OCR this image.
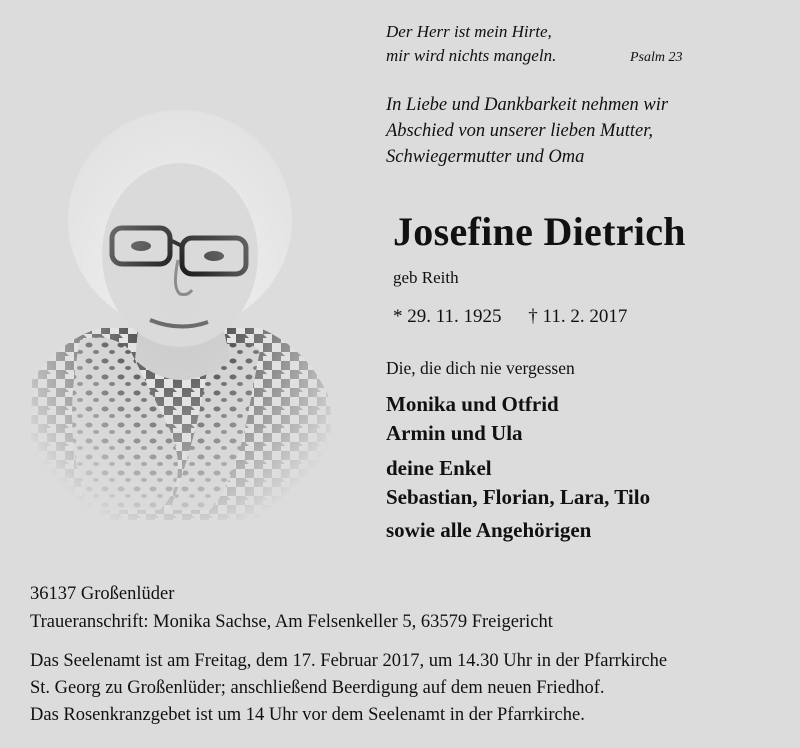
Der Herr ist mein Hirte,
mir wird nichts mangeln.	Psalm 23
In Liebe und Dankbarkeit nehmen wir
Abschied von unserer lieben Mutter,
Schwiegermutter und Oma
Josefine Dietrich
geb Reith
* 29. 11. 1925 † 11. 2. 2017
Die, die dich nie vergessen
Monika und Otfrid
Armin und Ula
deine Enkel
Sebastian, Florian, Lara, Tilo
sowie alle Angehörigen
36137 Großenlüder
Traueranschrift: Monika Sachse, Am Felsenkeller 5, 63579 Freigericht
Das Seelenamt ist am Freitag, dem 17. Februar 2017, um 14.30 Uhr in der Pfarrkirche
St. Georg zu Großenlüder; anschließend Beerdigung auf dem neuen Friedhof.
Das Rosenkranzgebet ist um 14 Uhr vor dem Seelenamt in der Pfarrkirche.
